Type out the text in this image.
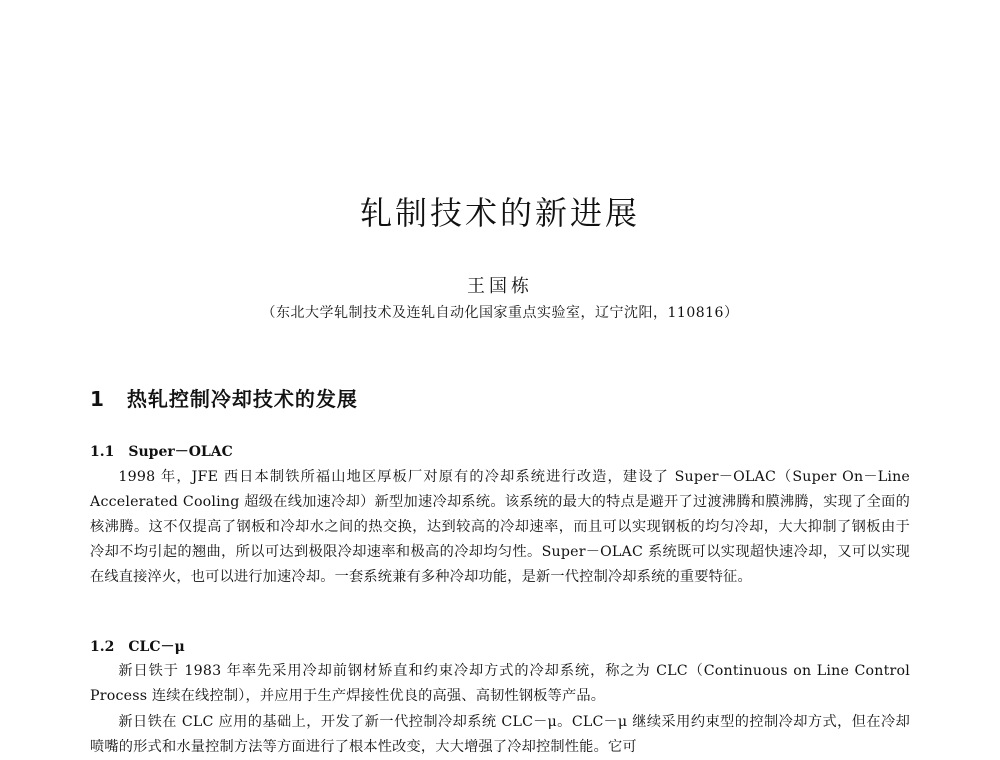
轧制技术的新进展
王国栋
（东北大学轧制技术及连轧自动化国家重点实验室，辽宁沈阳，110816）
1 热轧控制冷却技术的发展
1.1 Super－OLAC
1998 年，JFE 西日本制铁所福山地区厚板厂对原有的冷却系统进行改造，建设了 Super－OLAC（Super On－Line Accelerated Cooling 超级在线加速冷却）新型加速冷却系统。该系统的最大的特点是避开了过渡沸腾和膜沸腾，实现了全面的核沸腾。这不仅提高了钢板和冷却水之间的热交换，达到较高的冷却速率，而且可以实现钢板的均匀冷却，大大抑制了钢板由于冷却不均引起的翘曲，所以可达到极限冷却速率和极高的冷却均匀性。Super－OLAC 系统既可以实现超快速冷却，又可以实现在线直接淬火，也可以进行加速冷却。一套系统兼有多种冷却功能，是新一代控制冷却系统的重要特征。
1.2 CLC－μ
新日铁于 1983 年率先采用冷却前钢材矫直和约束冷却方式的冷却系统，称之为 CLC（Continuous on Line Control Process 连续在线控制），并应用于生产焊接性优良的高强、高韧性钢板等产品。
新日铁在 CLC 应用的基础上，开发了新一代控制冷却系统 CLC－μ。CLC－μ 继续采用约束型的控制冷却方式，但在冷却喷嘴的形式和水量控制方法等方面进行了根本性改变，大大增强了冷却控制性能。它可
